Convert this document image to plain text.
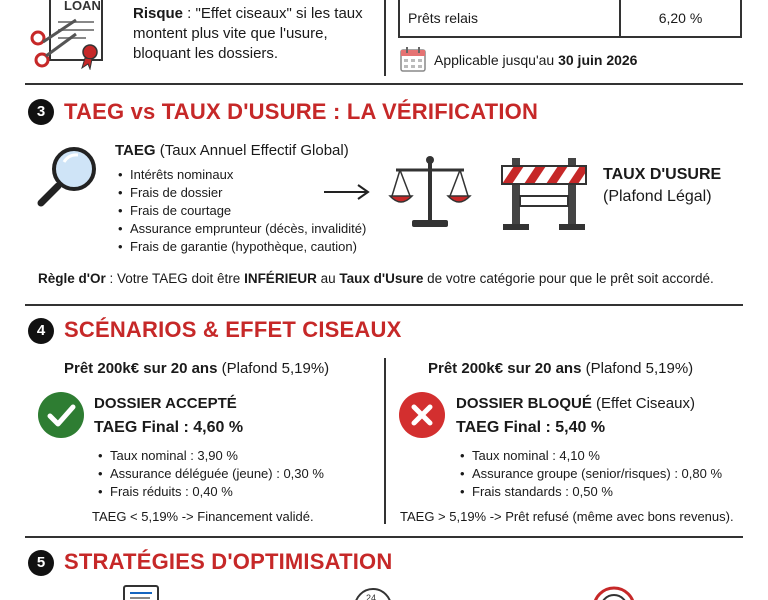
LOAN Risque : "Effet ciseaux" si les taux
montent plus vite que l'usure,
bloquant les dossiers.
Prêts relais	6,20 %
Applicable jusqu'au 30 juin 2026
3 TAEG vs TAUX D'USURE : LA VÉRIFICATION
TAEG (Taux Annuel Effectif Global)
• Intérêts nominaux
• Frais de dossier
• Frais de courtage
• Assurance emprunteur (décès, invalidité)
• Frais de garantie (hypothèque, caution)
TAUX D'USURE
(Plafond Légal)
Règle d'Or : Votre TAEG doit être INFÉRIEUR au Taux d'Usure de votre catégorie pour que le prêt soit accordé.
4 SCÉNARIOS & EFFET CISEAUX
Prêt 200k€ sur 20 ans (Plafond 5,19%)
DOSSIER ACCEPTÉ
TAEG Final : 4,60 %
• Taux nominal : 3,90 %
• Assurance déléguée (jeune) : 0,30 %
• Frais réduits : 0,40 %
TAEG < 5,19% -> Financement validé.
Prêt 200k€ sur 20 ans (Plafond 5,19%)
DOSSIER BLOQUÉ (Effet Ciseaux)
TAEG Final : 5,40 %
• Taux nominal : 4,10 %
• Assurance groupe (senior/risques) : 0,80 %
• Frais standards : 0,50 %
TAEG > 5,19% -> Prêt refusé (même avec bons revenus).
5 STRATÉGIES D'OPTIMISATION
24
